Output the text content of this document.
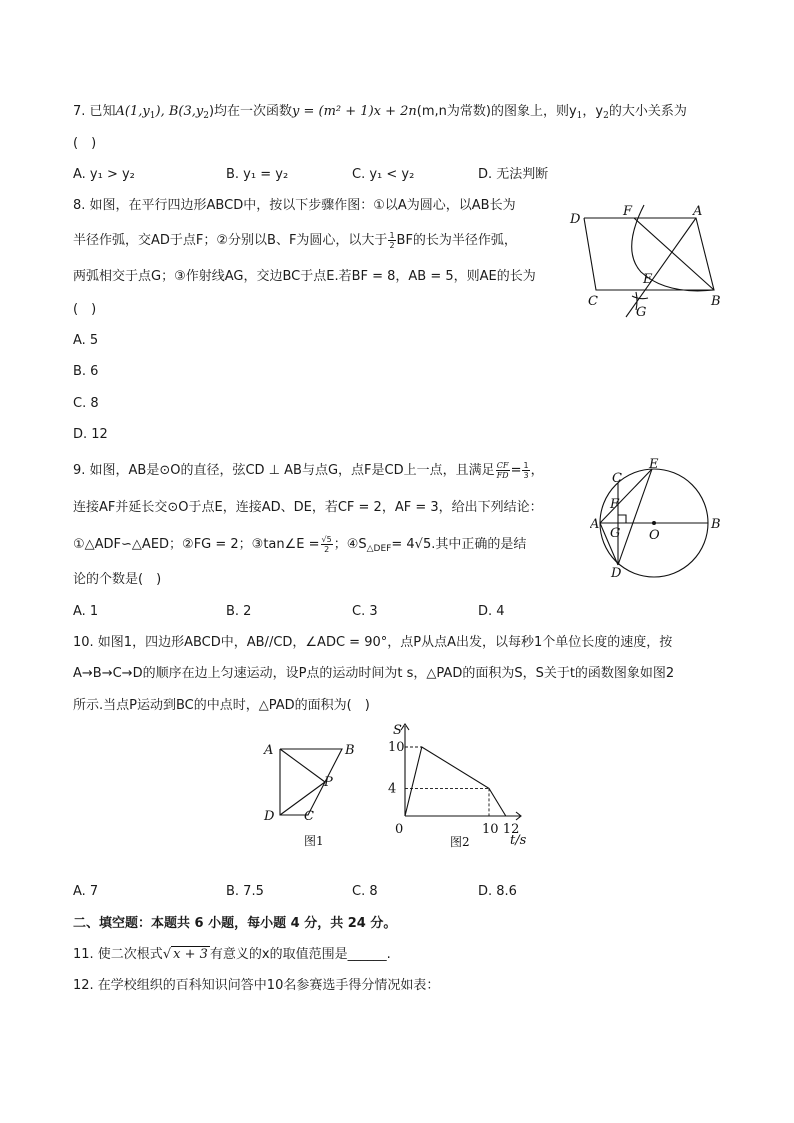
7. 已知$A(1,y_1)$, $B(3,y_2)$均在一次函数y = (m² + 1)x + 2n(m,n为常数)的图象上，则$y_1$，$y_2$的大小关系为
(　)
A. y₁ > y₂	B. y₁ = y₂	C. y₁ < y₂	D. 无法判断
8. 如图，在平行四边形ABCD中，按以下步骤作图：①以A为圆心，以AB长为
半径作弧，交AD于点F；②分别以B、F为圆心，以大于 $\frac{1}{2}$ BF的长为半径作弧，
两弧相交于点G；③作射线AG，交边BC于点E.若BF = 8，AB = 5，则AE的长为
(　)
A. 5
B. 6
C. 8
D. 12
D
F	A
E
C	B
G
9. 如图，AB是⊙O的直径，弦CD ⊥ AB与点G，点F是CD上一点，且满足 $\frac{CF}{FD} = \frac{1}{3}$ ，
连接AF并延长交⊙O于点E，连接AD、DE，若CF = 2，AF = 3，给出下列结论：
①△ADF∽△AED；②FG = 2；③tan∠E = $\frac{√5}{2}$ ；$④S_{\triangle DEF}= 4√5$.其中正确的是结
论的个数是(　)
A. 1	B. 2	C. 3	D. 4
C
E
F
A
G O
B
D
10. 如图1，四边形ABCD中，AB//CD，∠ADC = 90°，点P从点A出发，以每秒1个单位长度的速度，按
A→B→C→D的顺序在边上匀速运动，设P点的运动时间为t s，△PAD的面积为S，S关于t的函数图象如图2
所示.当点P运动到BC的中点时，△PAD的面积为(　)
A	B
P
D C
图1
10
4
0	10 12
S
t/s
图2
A. 7	B. 7.5	C. 8	D. 8.6
二、填空题：本题共 6 小题，每小题 4 分，共 24 分。
11. 使二次根式√ x + 3 有意义的x的取值范围是______.
12. 在学校组织的百科知识问答中10名参赛选手得分情况如表：
